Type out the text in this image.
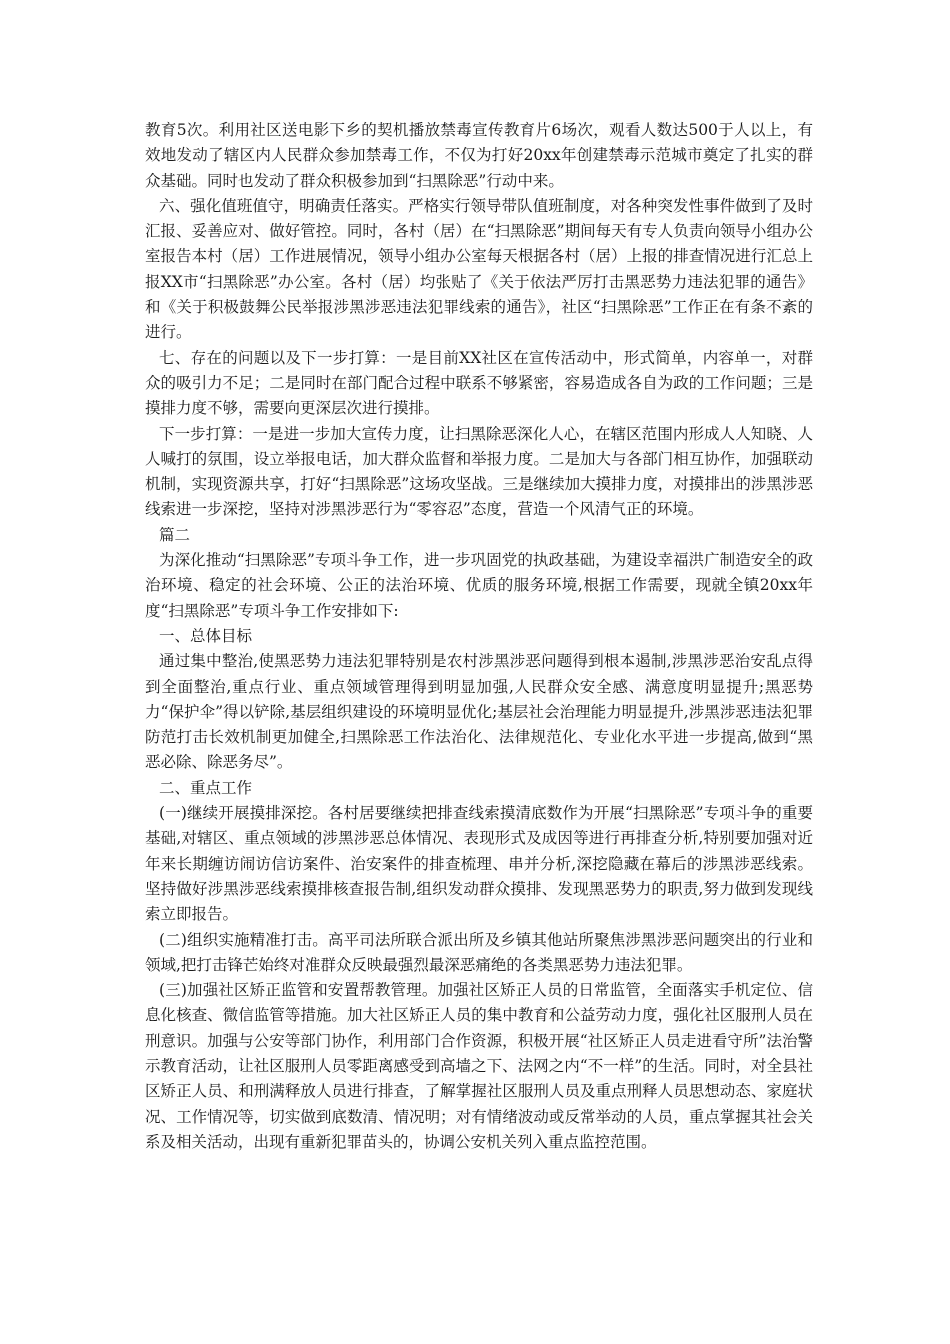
教育5次。利用社区送电影下乡的契机播放禁毒宣传教育片6场次，观看人数达500于人以上，有效地发动了辖区内人民群众参加禁毒工作，不仅为打好20xx年创建禁毒示范城市奠定了扎实的群众基础。同时也发动了群众积极参加到“扫黑除恶”行动中来。

六、强化值班值守，明确责任落实。严格实行领导带队值班制度，对各种突发性事件做到了及时汇报、妥善应对、做好管控。同时，各村（居）在“扫黑除恶”期间每天有专人负责向领导小组办公室报告本村（居）工作进展情况，领导小组办公室每天根据各村（居）上报的排查情况进行汇总上报XX市“扫黑除恶”办公室。各村（居）均张贴了《关于依法严厉打击黑恶势力违法犯罪的通告》和《关于积极鼓舞公民举报涉黑涉恶违法犯罪线索的通告》，社区“扫黑除恶”工作正在有条不紊的进行。

七、存在的问题以及下一步打算：一是目前XX社区在宣传活动中，形式简单，内容单一，对群众的吸引力不足；二是同时在部门配合过程中联系不够紧密，容易造成各自为政的工作问题；三是摸排力度不够，需要向更深层次进行摸排。

下一步打算：一是进一步加大宣传力度，让扫黑除恶深化人心，在辖区范围内形成人人知晓、人人喊打的氛围，设立举报电话，加大群众监督和举报力度。二是加大与各部门相互协作，加强联动机制，实现资源共享，打好“扫黑除恶”这场攻坚战。三是继续加大摸排力度，对摸排出的涉黑涉恶线索进一步深挖，坚持对涉黑涉恶行为“零容忍”态度，营造一个风清气正的环境。

篇二

为深化推动“扫黑除恶”专项斗争工作，进一步巩固党的执政基础，为建设幸福洪广制造安全的政治环境、稳定的社会环境、公正的法治环境、优质的服务环境,根据工作需要，现就全镇20xx年度“扫黑除恶”专项斗争工作安排如下:

一、总体目标

通过集中整治,使黑恶势力违法犯罪特别是农村涉黑涉恶问题得到根本遏制,涉黑涉恶治安乱点得到全面整治,重点行业、重点领域管理得到明显加强,人民群众安全感、满意度明显提升;黑恶势力“保护伞”得以铲除,基层组织建设的环境明显优化;基层社会治理能力明显提升,涉黑涉恶违法犯罪防范打击长效机制更加健全,扫黑除恶工作法治化、法律规范化、专业化水平进一步提高,做到“黑恶必除、除恶务尽”。

二、重点工作

(一)继续开展摸排深挖。各村居要继续把排查线索摸清底数作为开展“扫黑除恶”专项斗争的重要基础,对辖区、重点领域的涉黑涉恶总体情况、表现形式及成因等进行再排查分析,特别要加强对近年来长期缠访闹访信访案件、治安案件的排查梳理、串并分析,深挖隐藏在幕后的涉黑涉恶线索。坚持做好涉黑涉恶线索摸排核查报告制,组织发动群众摸排、发现黑恶势力的职责,努力做到发现线索立即报告。

(二)组织实施精准打击。高平司法所联合派出所及乡镇其他站所聚焦涉黑涉恶问题突出的行业和领域,把打击锋芒始终对准群众反映最强烈最深恶痛绝的各类黑恶势力违法犯罪。

(三)加强社区矫正监管和安置帮教管理。加强社区矫正人员的日常监管，全面落实手机定位、信息化核查、微信监管等措施。加大社区矫正人员的集中教育和公益劳动力度，强化社区服刑人员在刑意识。加强与公安等部门协作，利用部门合作资源，积极开展“社区矫正人员走进看守所”法治警示教育活动，让社区服刑人员零距离感受到高墙之下、法网之内“不一样”的生活。同时，对全县社区矫正人员、和刑满释放人员进行排查，了解掌握社区服刑人员及重点刑释人员思想动态、家庭状况、工作情况等，切实做到底数清、情况明；对有情绪波动或反常举动的人员，重点掌握其社会关系及相关活动，出现有重新犯罪苗头的，协调公安机关列入重点监控范围。
